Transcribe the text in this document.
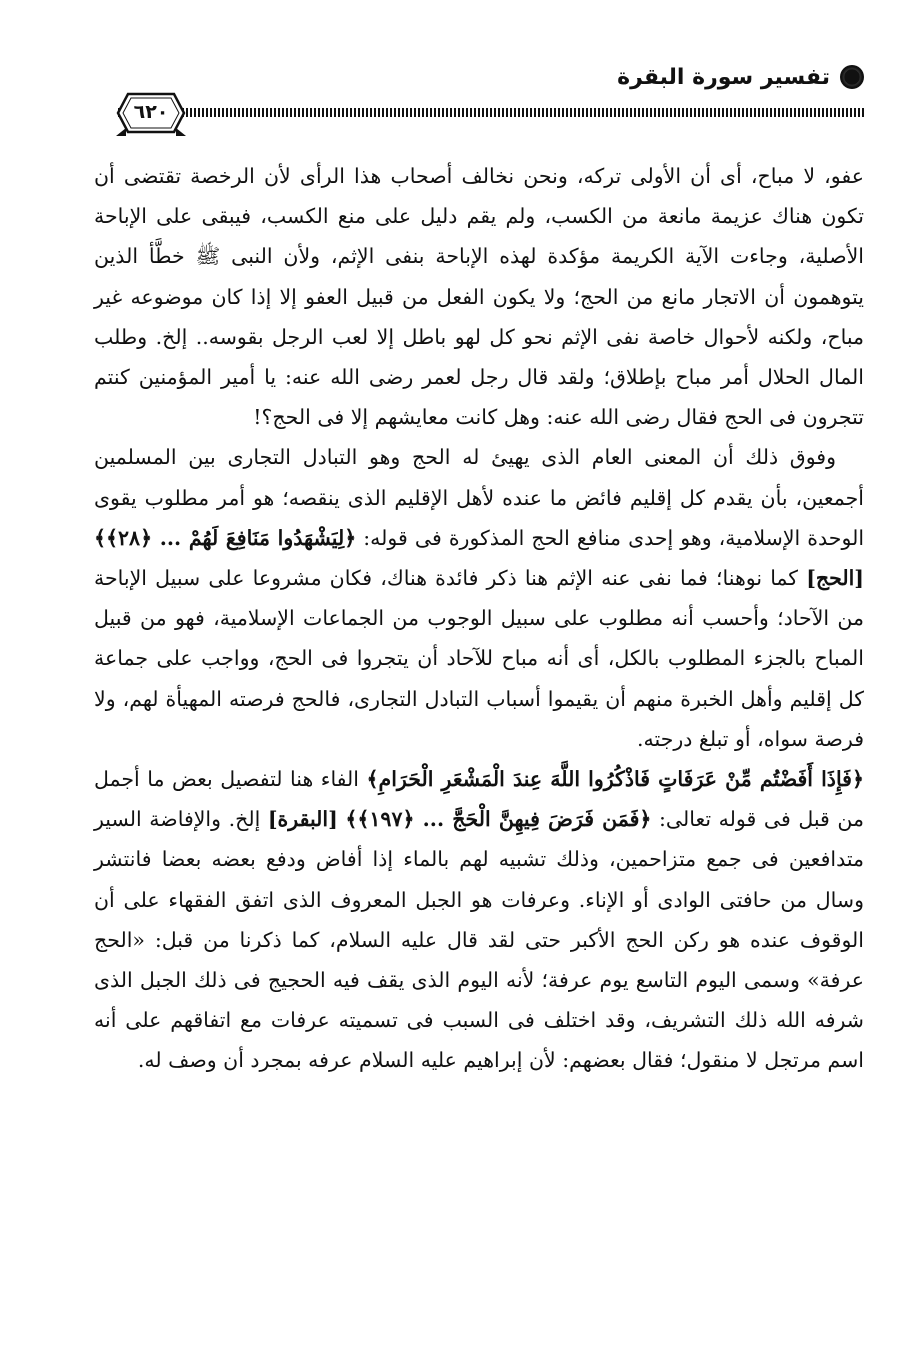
تفسير سورة البقرة
٦٢٠

عفو، لا مباح، أى أن الأولى تركه، ونحن نخالف أصحاب هذا الرأى لأن الرخصة تقتضى أن تكون هناك عزيمة مانعة من الكسب، ولم يقم دليل على منع الكسب، فيبقى على الإباحة الأصلية، وجاءت الآية الكريمة مؤكدة لهذه الإباحة بنفى الإثم، ولأن النبى ﷺ خطَّأ الذين يتوهمون أن الاتجار مانع من الحج؛ ولا يكون الفعل من قبيل العفو إلا إذا كان موضوعه غير مباح، ولكنه لأحوال خاصة نفى الإثم نحو كل لهو باطل إلا لعب الرجل بقوسه.. إلخ. وطلب المال الحلال أمر مباح بإطلاق؛ ولقد قال رجل لعمر رضى الله عنه: يا أمير المؤمنين كنتم تتجرون فى الحج فقال رضى الله عنه: وهل كانت معايشهم إلا فى الحج؟!

وفوق ذلك أن المعنى العام الذى يهيئ له الحج وهو التبادل التجارى بين المسلمين أجمعين، بأن يقدم كل إقليم فائض ما عنده لأهل الإقليم الذى ينقصه؛ هو أمر مطلوب يقوى الوحدة الإسلامية، وهو إحدى منافع الحج المذكورة فى قوله: ﴿لِيَشْهَدُوا مَنَافِعَ لَهُمْ ... ﴿٢٨﴾﴾ [الحج] كما نوهنا؛ فما نفى عنه الإثم هنا ذكر فائدة هناك، فكان مشروعا على سبيل الإباحة من الآحاد؛ وأحسب أنه مطلوب على سبيل الوجوب من الجماعات الإسلامية، فهو من قبيل المباح بالجزء المطلوب بالكل، أى أنه مباح للآحاد أن يتجروا فى الحج، وواجب على جماعة كل إقليم وأهل الخبرة منهم أن يقيموا أسباب التبادل التجارى، فالحج فرصته المهيأة لهم، ولا فرصة سواه، أو تبلغ درجته.

﴿فَإِذَا أَفَضْتُم مِّنْ عَرَفَاتٍ فَاذْكُرُوا اللَّهَ عِندَ الْمَشْعَرِ الْحَرَامِ﴾ الفاء هنا لتفصيل بعض ما أجمل من قبل فى قوله تعالى: ﴿فَمَن فَرَضَ فِيهِنَّ الْحَجَّ ... ﴿١٩٧﴾﴾ [البقرة] إلخ. والإفاضة السير متدافعين فى جمع متزاحمين، وذلك تشبيه لهم بالماء إذا أفاض ودفع بعضه بعضا فانتشر وسال من حافتى الوادى أو الإناء. وعرفات هو الجبل المعروف الذى اتفق الفقهاء على أن الوقوف عنده هو ركن الحج الأكبر حتى لقد قال عليه السلام، كما ذكرنا من قبل: «الحج عرفة» وسمى اليوم التاسع يوم عرفة؛ لأنه اليوم الذى يقف فيه الحجيج فى ذلك الجبل الذى شرفه الله ذلك التشريف، وقد اختلف فى السبب فى تسميته عرفات مع اتفاقهم على أنه اسم مرتجل لا منقول؛ فقال بعضهم: لأن إبراهيم عليه السلام عرفه بمجرد أن وصف له.
